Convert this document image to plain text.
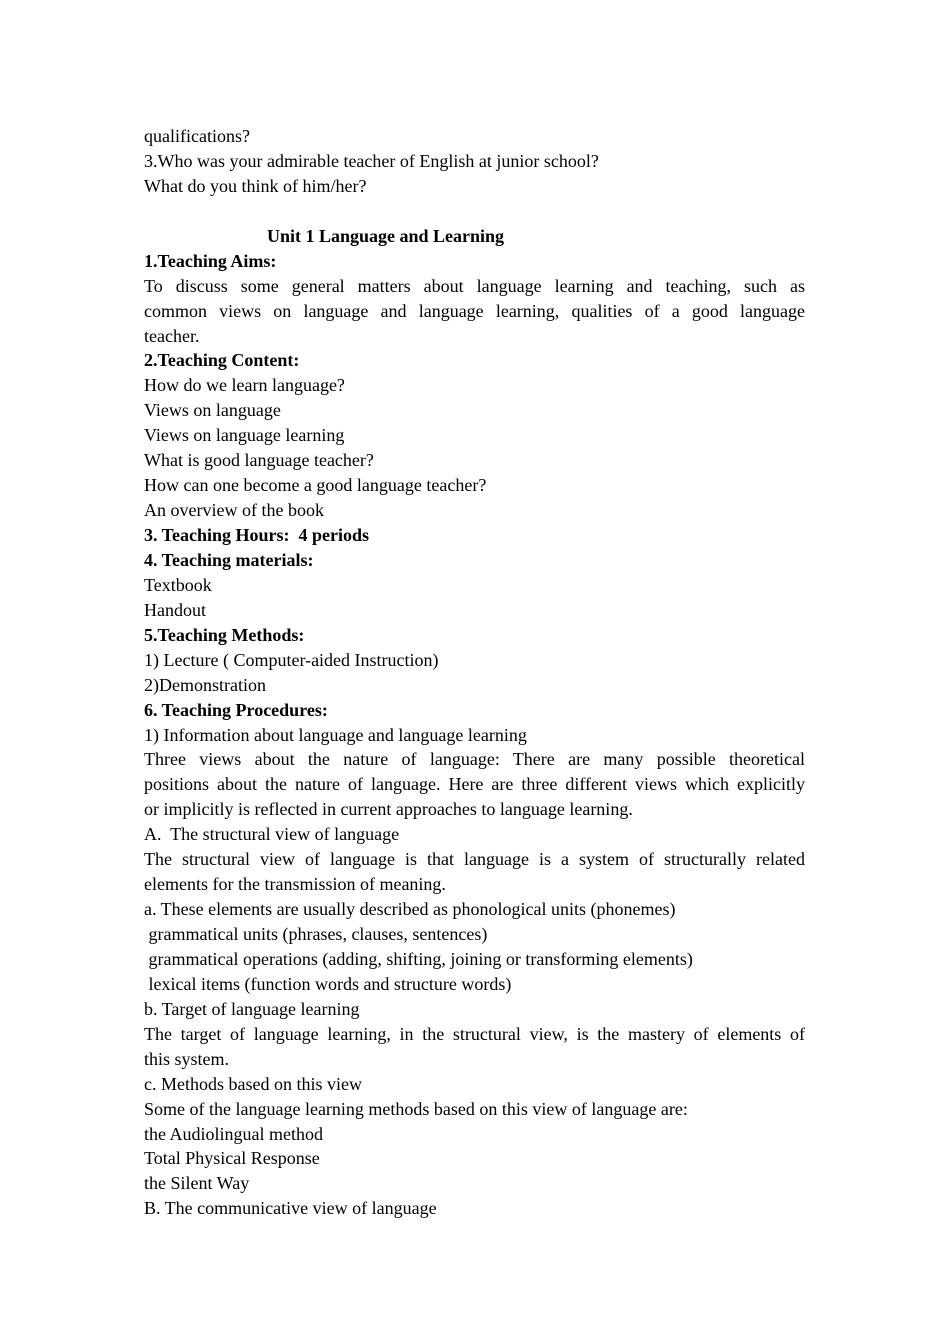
qualifications?
3.Who was your admirable teacher of English at junior school?
What do you think of him/her?
Unit 1 Language and Learning
1.Teaching Aims:
To discuss some general matters about language learning and teaching, such as
common views on language and language learning, qualities of a good language
teacher.
2.Teaching Content:
How do we learn language?
Views on language
Views on language learning
What is good language teacher?
How can one become a good language teacher?
An overview of the book
3. Teaching Hours:  4 periods
4. Teaching materials:
Textbook
Handout
5.Teaching Methods:
1) Lecture ( Computer-aided Instruction)
2)Demonstration
6. Teaching Procedures:
1) Information about language and language learning
Three views about the nature of language: There are many possible theoretical
positions about the nature of language. Here are three different views which explicitly
or implicitly is reflected in current approaches to language learning.
A.  The structural view of language
The structural view of language is that language is a system of structurally related
elements for the transmission of meaning.
a. These elements are usually described as phonological units (phonemes)
grammatical units (phrases, clauses, sentences)
grammatical operations (adding, shifting, joining or transforming elements)
lexical items (function words and structure words)
b. Target of language learning
The target of language learning, in the structural view, is the mastery of elements of
this system.
c. Methods based on this view
Some of the language learning methods based on this view of language are:
the Audiolingual method
Total Physical Response
the Silent Way
B. The communicative view of language
